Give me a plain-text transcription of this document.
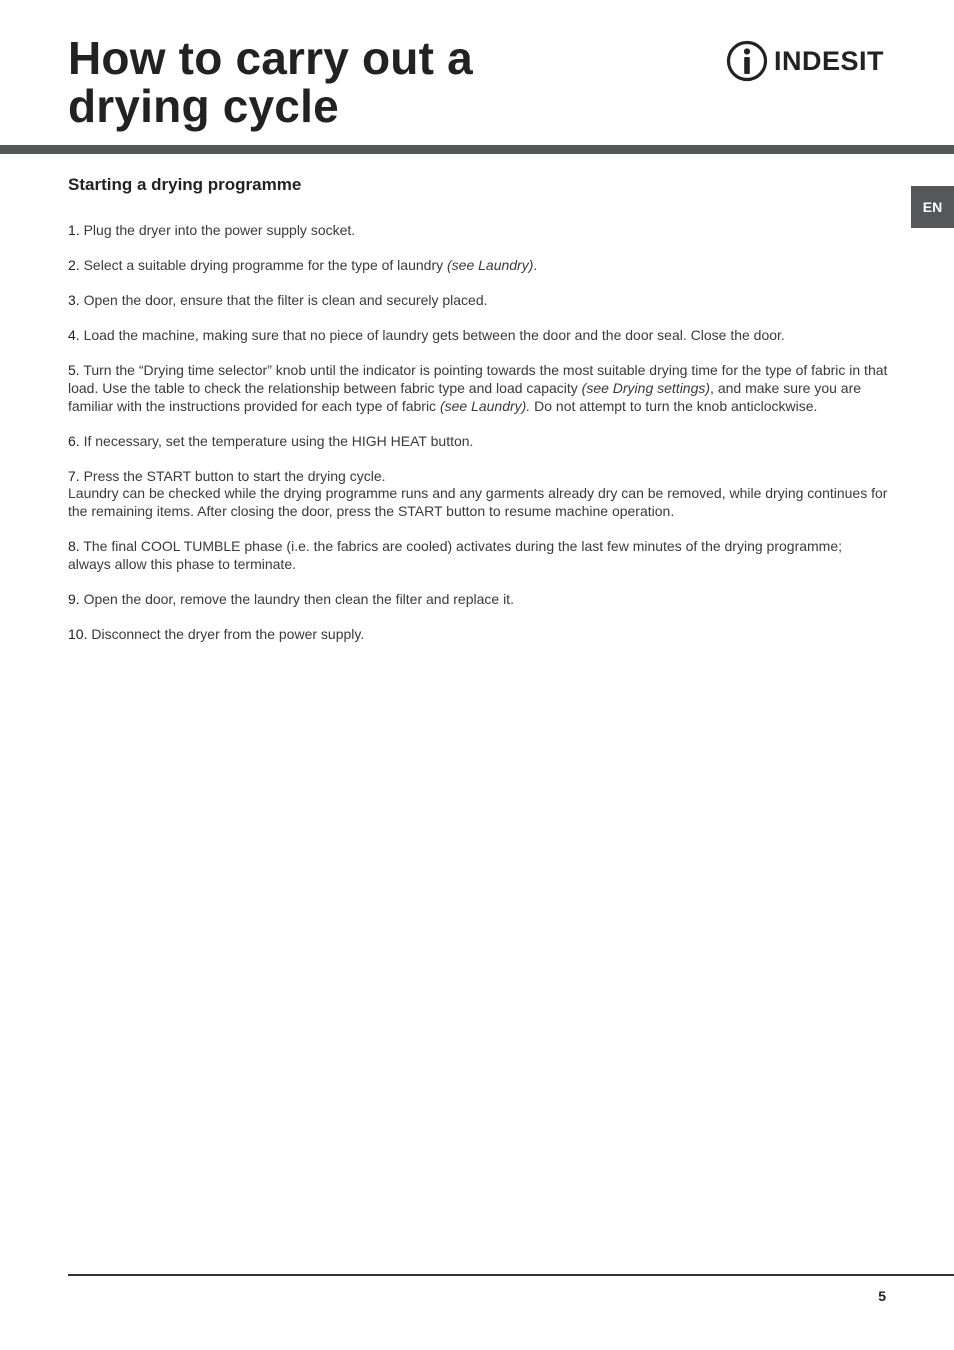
How to carry out a
drying cycle
INDESIT
EN
Starting a drying programme
1. Plug the dryer into the power supply socket.
2. Select a suitable drying programme for the type of laundry (see Laundry).
3. Open the door, ensure that the filter is clean and securely placed.
4. Load the machine, making sure that no piece of laundry gets between the door and the door seal. Close the door.
5. Turn the “Drying time selector” knob until the indicator is pointing towards the most suitable drying time for the type of fabric in that load. Use the table to check the relationship between fabric type and load capacity (see Drying settings), and make sure you are familiar with the instructions provided for each type of fabric (see Laundry). Do not attempt to turn the knob anticlockwise.
6. If necessary, set the temperature using the HIGH HEAT button.
7. Press the START button to start the drying cycle.
Laundry can be checked while the drying programme runs and any garments already dry can be removed, while drying continues for the remaining items. After closing the door, press the START button to resume machine operation.
8. The final COOL TUMBLE phase (i.e. the fabrics are cooled) activates during the last few minutes of the drying programme; always allow this phase to terminate.
9. Open the door, remove the laundry then clean the filter and replace it.
10. Disconnect the dryer from the power supply.
5
